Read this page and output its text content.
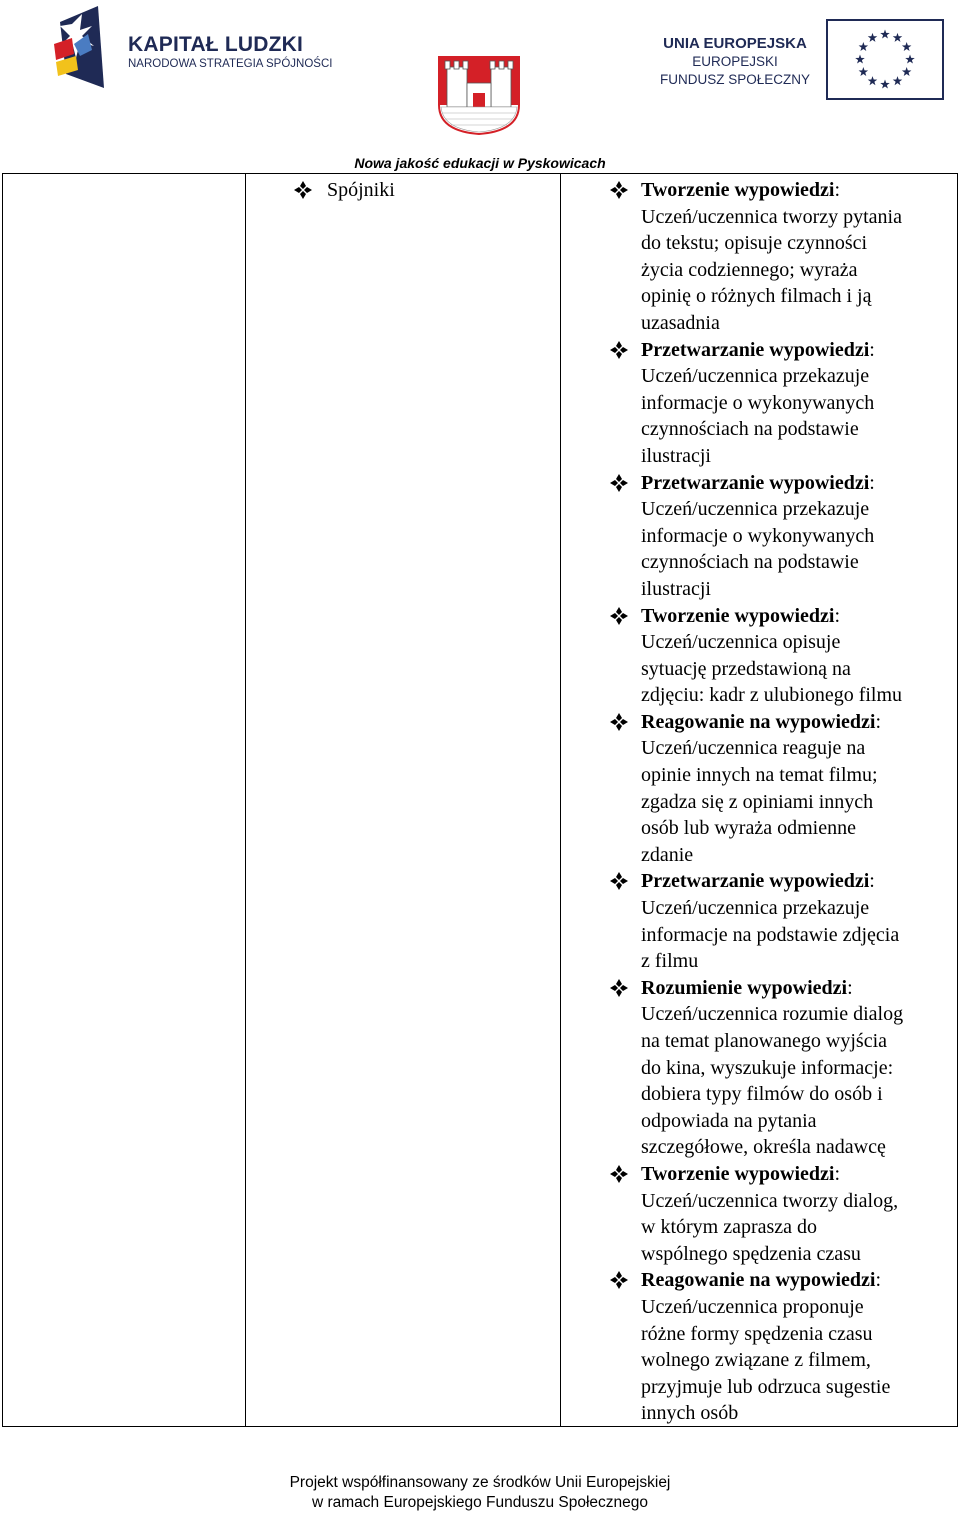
KAPITAŁ LUDZKI
NARODOWA STRATEGIA SPÓJNOŚCI
UNIA EUROPEJSKA
EUROPEJSKI
FUNDUSZ SPOŁECZNY
Nowa jakość edukacji w Pyskowicach
Spójniki	Tworzenie wypowiedzi:
Uczeń/uczennica tworzy pytania
do tekstu; opisuje czynności
życia codziennego; wyraża
opinię o różnych filmach i ją
uzasadnia
Przetwarzanie wypowiedzi:
Uczeń/uczennica przekazuje
informacje o wykonywanych
czynnościach na podstawie
ilustracji
Przetwarzanie wypowiedzi:
Uczeń/uczennica przekazuje
informacje o wykonywanych
czynnościach na podstawie
ilustracji
Tworzenie wypowiedzi:
Uczeń/uczennica opisuje
sytuację przedstawioną na
zdjęciu: kadr z ulubionego filmu
Reagowanie na wypowiedzi:
Uczeń/uczennica reaguje na
opinie innych na temat filmu;
zgadza się z opiniami innych
osób lub wyraża odmienne
zdanie
Przetwarzanie wypowiedzi:
Uczeń/uczennica przekazuje
informacje na podstawie zdjęcia
z filmu
Rozumienie wypowiedzi:
Uczeń/uczennica rozumie dialog
na temat planowanego wyjścia
do kina, wyszukuje informacje:
dobiera typy filmów do osób i
odpowiada na pytania
szczegółowe, określa nadawcę
Tworzenie wypowiedzi:
Uczeń/uczennica tworzy dialog,
w którym zaprasza do
wspólnego spędzenia czasu
Reagowanie na wypowiedzi:
Uczeń/uczennica proponuje
różne formy spędzenia czasu
wolnego związane z filmem,
przyjmuje lub odrzuca sugestie
innych osób
Projekt współfinansowany ze środków Unii Europejskiej
w ramach Europejskiego Funduszu Społecznego
